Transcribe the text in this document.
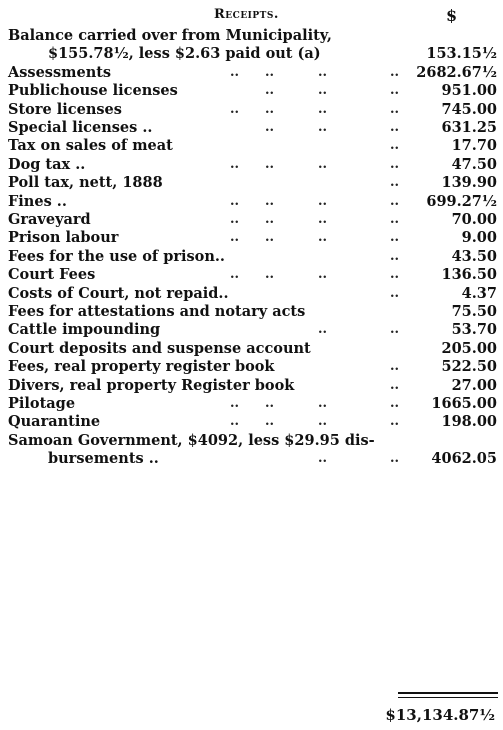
Receipts.	$
Balance carried over from Municipality,
$155.78½, less $2.63 paid out (a)	153.15½
Assessments	..	..	..	..	2682.67½
Publichouse licenses	..	..	..	951.00
Store licenses	..	..	..	..	745.00
Special licenses ..	..	..	..	631.25
Tax on sales of meat	..	17.70
Dog tax ..	..	..	..	..	47.50
Poll tax, nett, 1888	..	139.90
Fines ..	..	..	..	..	699.27½
Graveyard	..	..	..	..	70.00
Prison labour	..	..	..	..	9.00
Fees for the use of prison..	..	43.50
Court Fees	..	..	..	..	136.50
Costs of Court, not repaid..	..	4.37
Fees for attestations and notary acts	75.50
Cattle impounding	..	..	53.70
Court deposits and suspense account	205.00
Fees, real property register book	..	522.50
Divers, real property Register book	..	27.00
Pilotage	..	..	..	..	1665.00
Quarantine	..	..	..	..	198.00
Samoan Government, $4092, less $29.95 dis-
bursements ..	..	..	4062.05
$13,134.87½
